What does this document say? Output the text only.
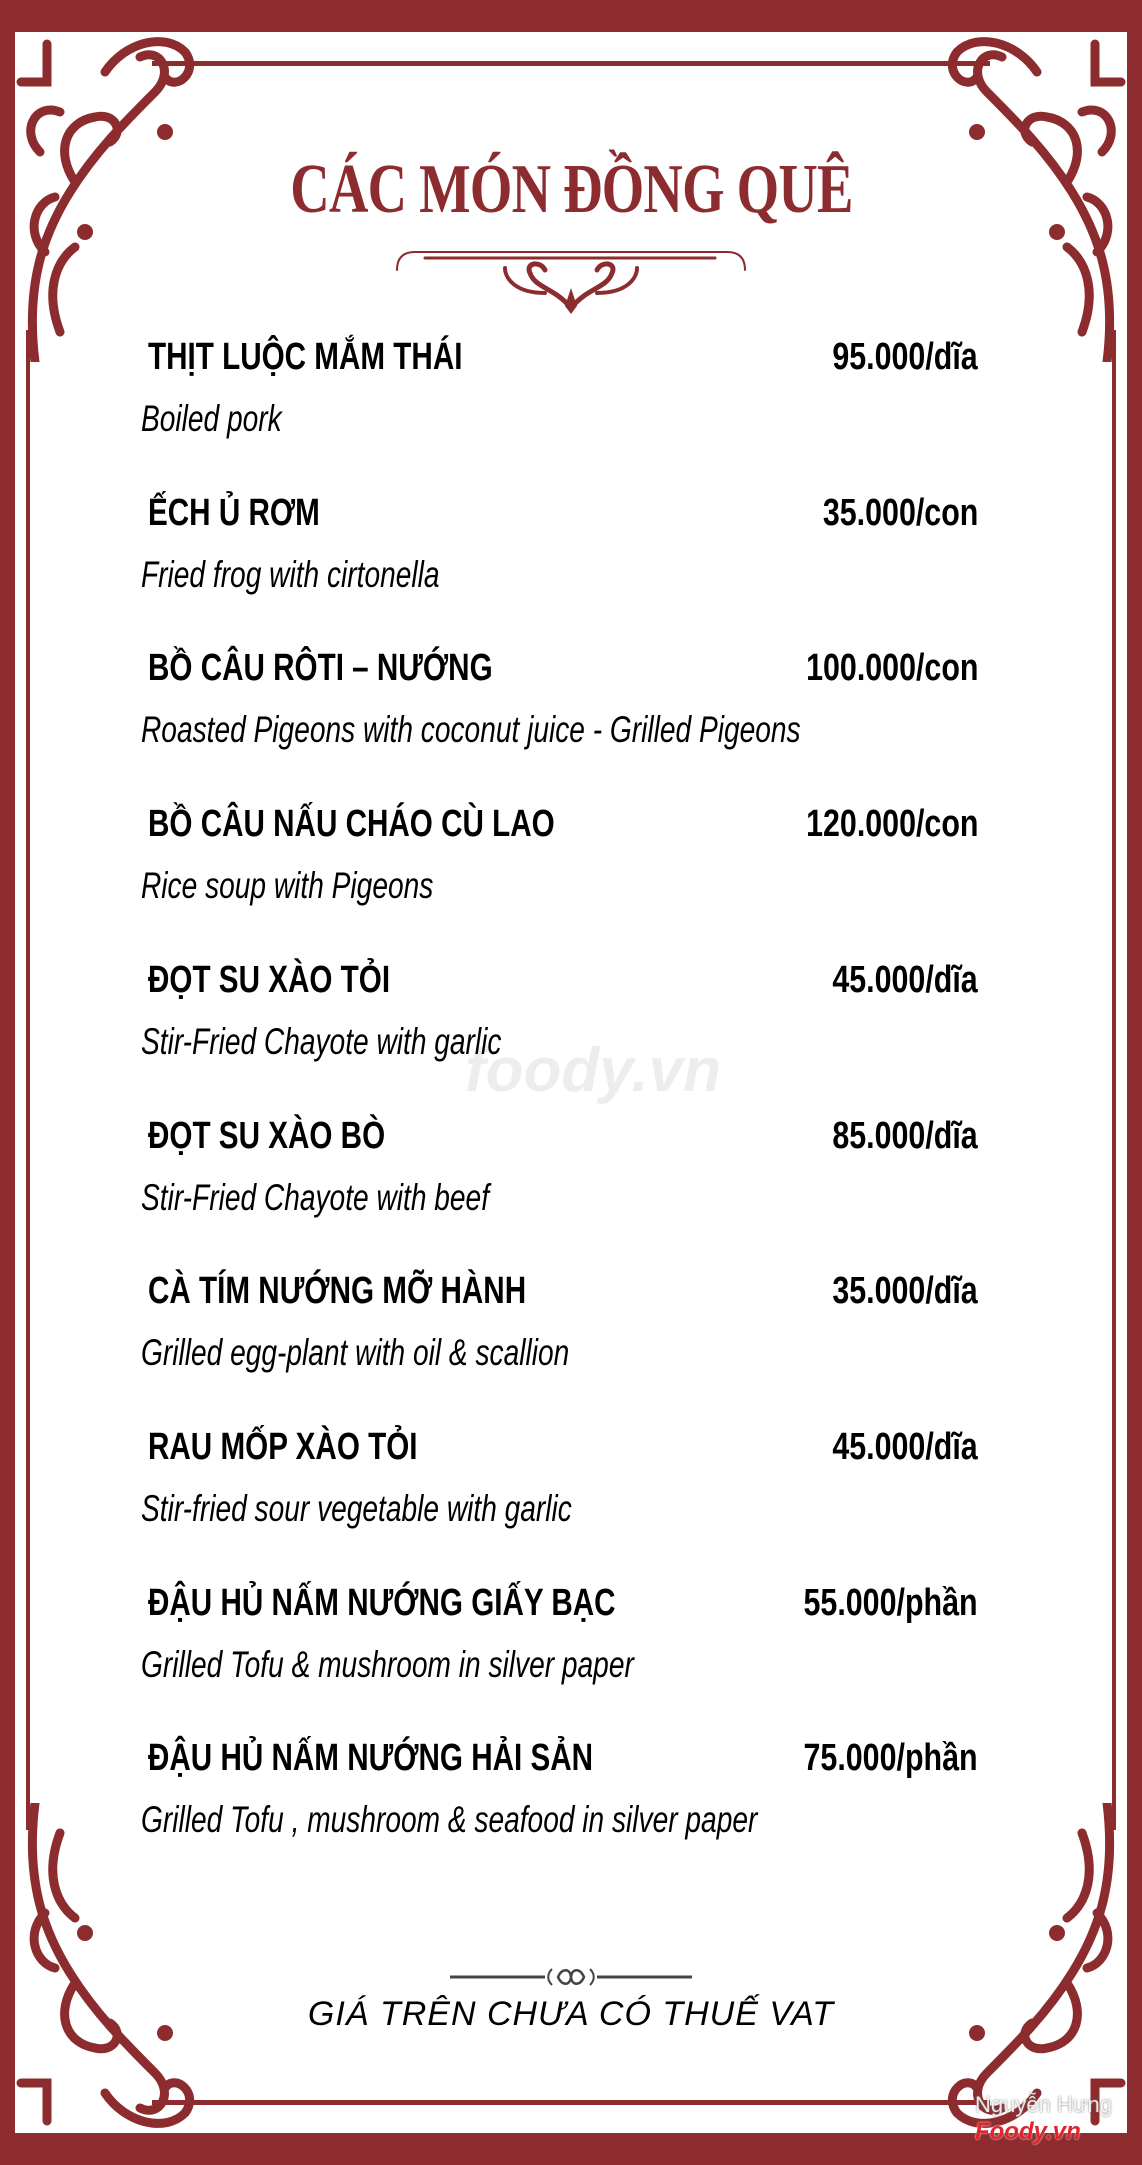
CÁC MÓN ĐỒNG QUÊ
THỊT LUỘC MẮM THÁI	95.000/dĩa
Boiled pork
ẾCH Ủ RƠM	35.000/con
Fried frog with cirtonella
BỒ CÂU RÔTI – NƯỚNG	100.000/con
Roasted Pigeons with coconut juice - Grilled Pigeons
BỒ CÂU NẤU CHÁO CÙ LAO	120.000/con
Rice soup with Pigeons
ĐỌT SU XÀO TỎI	45.000/dĩa
Stir-Fried Chayote with garlic
ĐỌT SU XÀO BÒ	85.000/dĩa
Stir-Fried Chayote with beef
CÀ TÍM NƯỚNG MỠ HÀNH	35.000/dĩa
Grilled egg-plant with oil & scallion
RAU MỐP XÀO TỎI	45.000/dĩa
Stir-fried sour vegetable with garlic
ĐẬU HỦ NẤM NƯỚNG GIẤY BẠC	55.000/phần
Grilled Tofu & mushroom in silver paper
ĐẬU HỦ NẤM NƯỚNG HẢI SẢN	75.000/phần
Grilled Tofu , mushroom & seafood in silver paper
GIÁ TRÊN CHƯA CÓ THUẾ VAT
foody.vn
Nguyễn Hưng
Foody.vn
